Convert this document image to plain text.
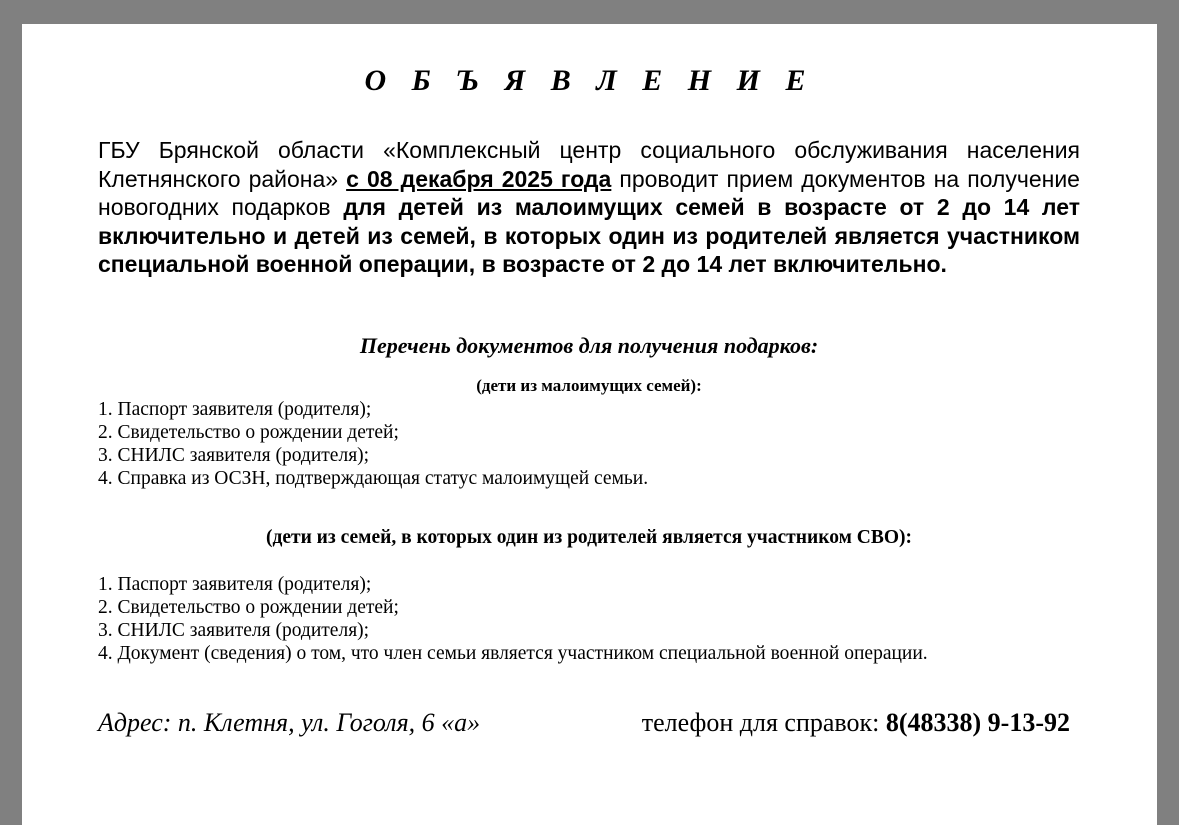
О Б Ъ Я В Л Е Н И Е
ГБУ Брянской области «Комплексный центр социального обслуживания населения Клетнянского района» с 08 декабря 2025 года проводит прием документов на получение новогодних подарков для детей из малоимущих семей в возрасте от 2 до 14 лет включительно и детей из семей, в которых один из родителей является участником специальной военной операции, в возрасте от 2 до 14 лет включительно.
Перечень документов для получения подарков:
(дети из малоимущих семей):
1. Паспорт заявителя (родителя);
2. Свидетельство о рождении детей;
3. СНИЛС заявителя (родителя);
4. Справка из ОСЗН, подтверждающая статус малоимущей семьи.
(дети из семей, в которых один из родителей является участником СВО):
1. Паспорт заявителя (родителя);
2. Свидетельство о рождении детей;
3. СНИЛС заявителя (родителя);
4. Документ (сведения) о том, что член семьи является участником специальной военной операции.
Адрес: п. Клетня, ул. Гоголя, 6 «а»	телефон для справок: 8(48338) 9-13-92
